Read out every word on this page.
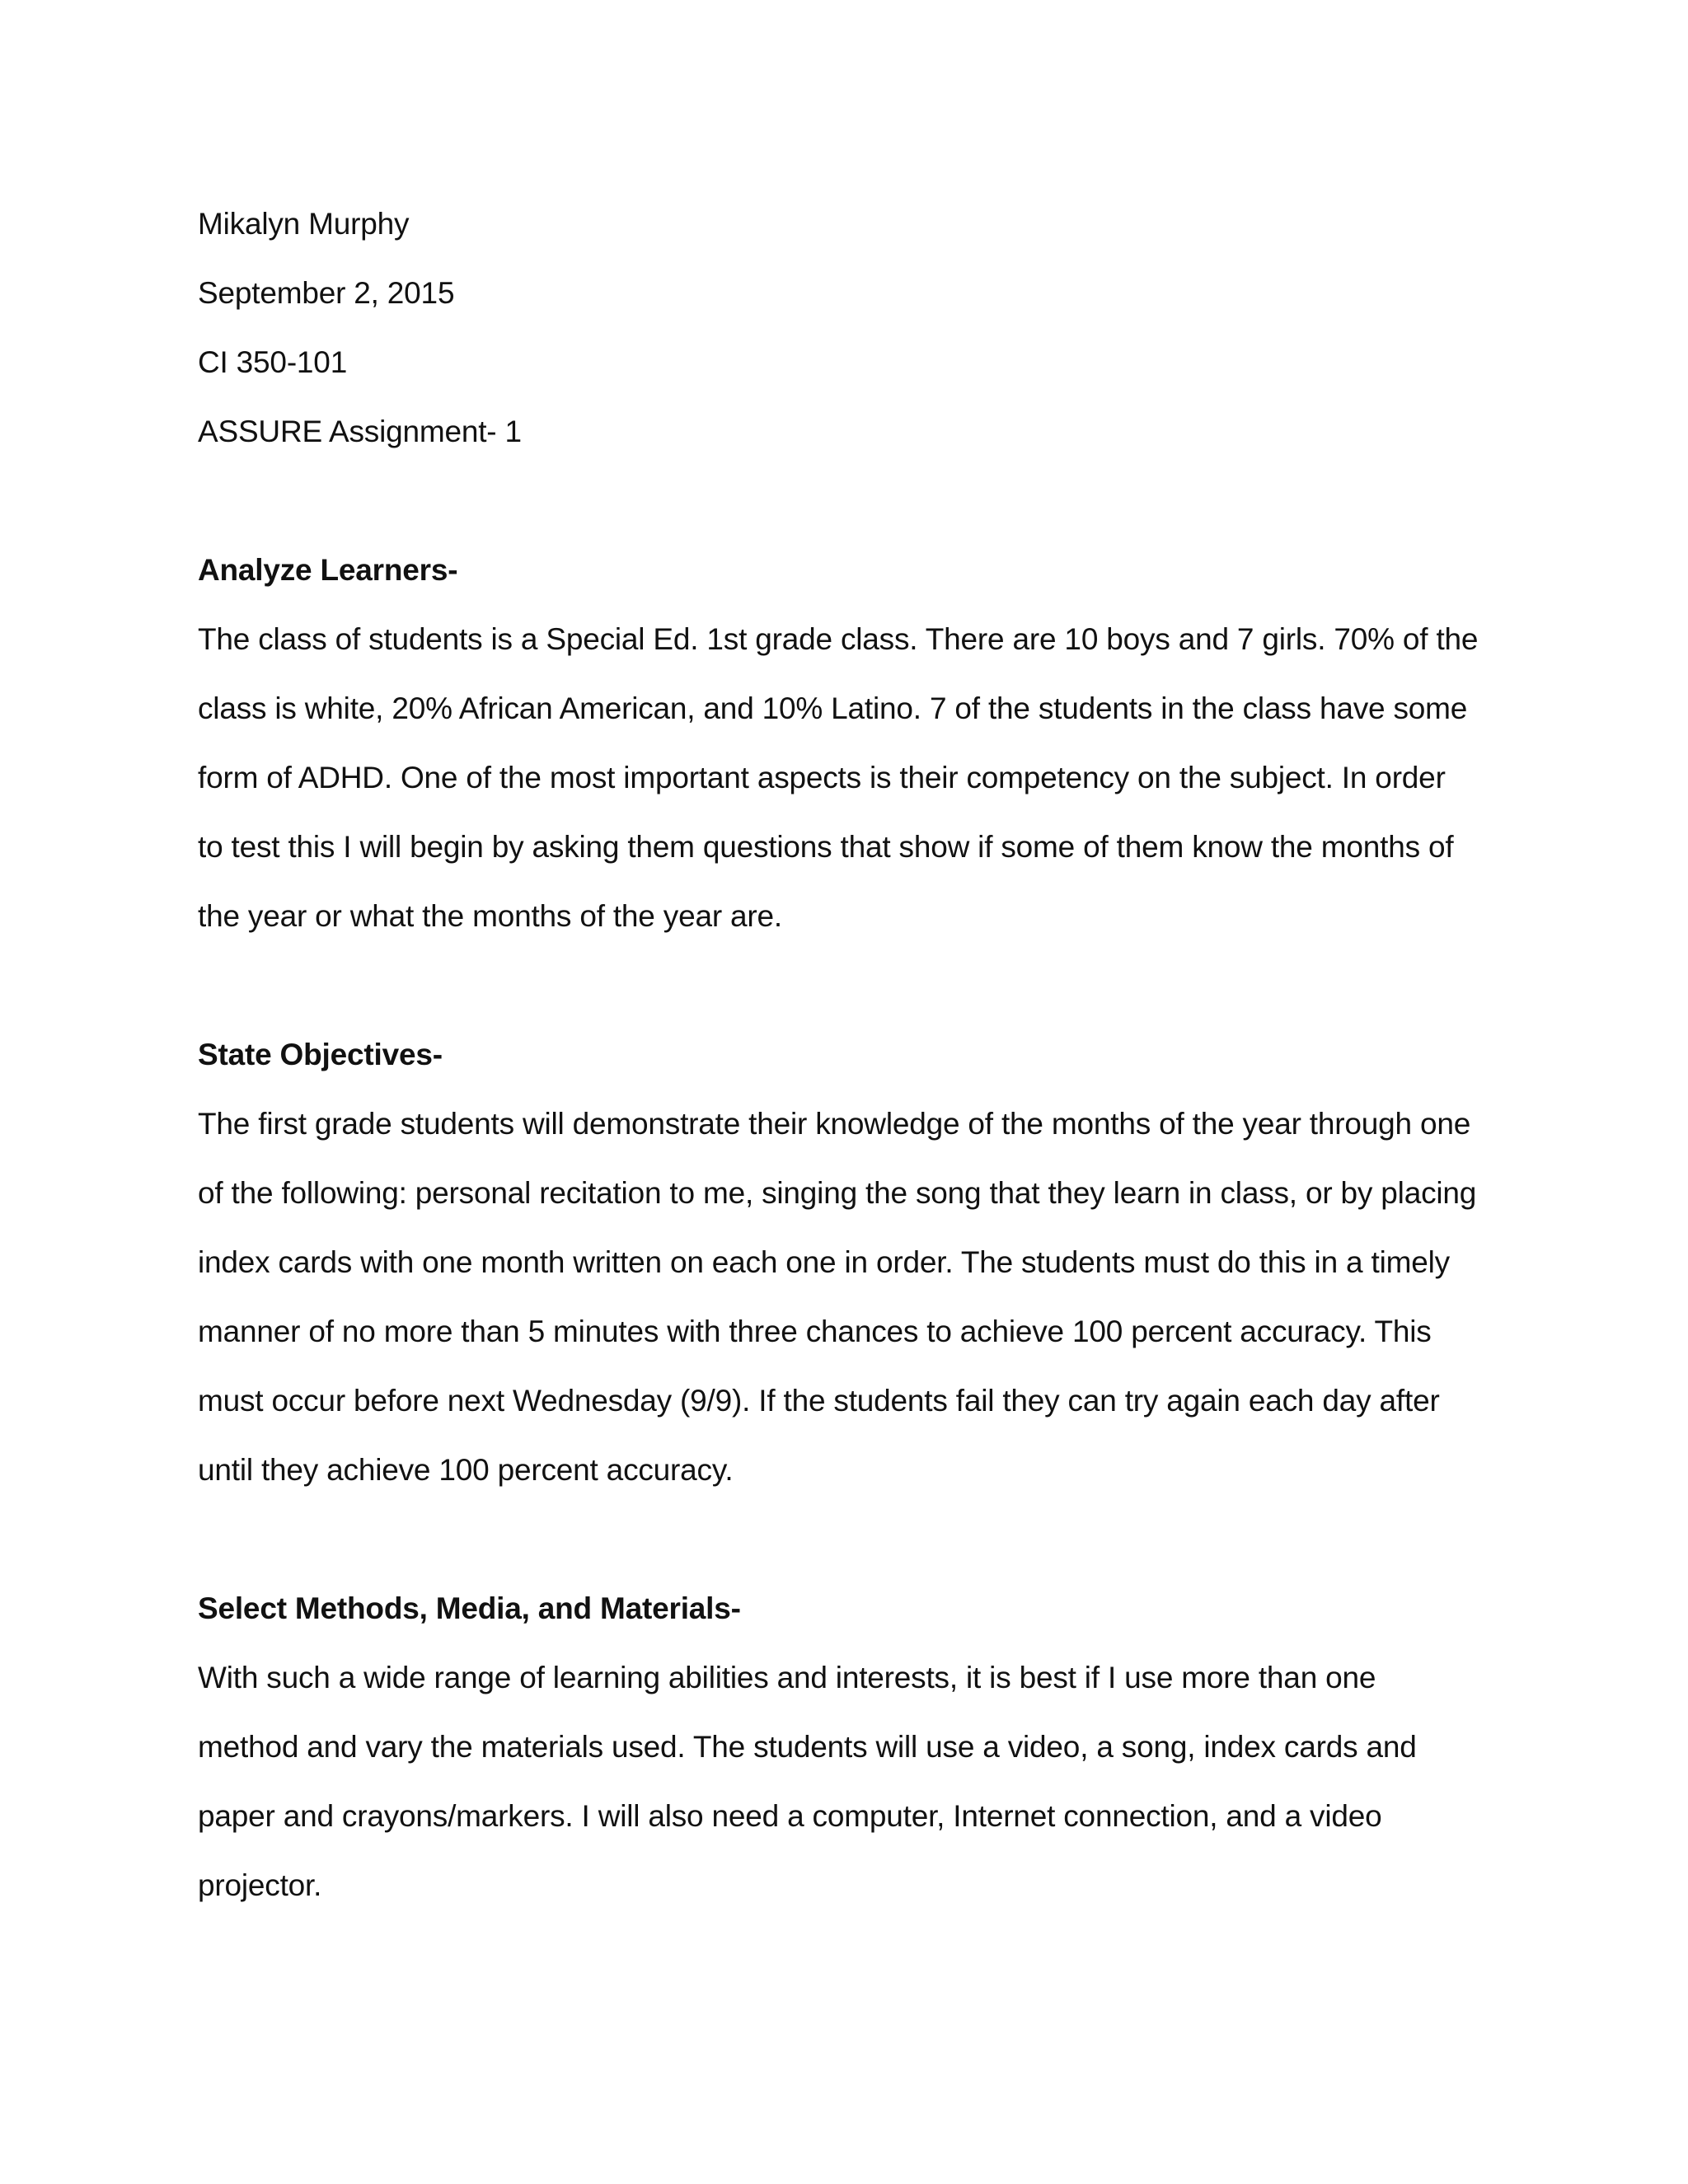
Mikalyn Murphy
September 2, 2015
CI 350-101
ASSURE Assignment- 1
Analyze Learners-
The class of students is a Special Ed. 1st grade class. There are 10 boys and 7 girls. 70% of the
class is white, 20% African American, and 10% Latino. 7 of the students in the class have some
form of ADHD. One of the most important aspects is their competency on the subject. In order
to test this I will begin by asking them questions that show if some of them know the months of
the year or what the months of the year are.
State Objectives-
The first grade students will demonstrate their knowledge of the months of the year through one
of the following: personal recitation to me, singing the song that they learn in class, or by placing
index cards with one month written on each one in order. The students must do this in a timely
manner of no more than 5 minutes with three chances to achieve 100 percent accuracy. This
must occur before next Wednesday (9/9). If the students fail they can try again each day after
until they achieve 100 percent accuracy.
Select Methods, Media, and Materials-
With such a wide range of learning abilities and interests, it is best if I use more than one
method and vary the materials used. The students will use a video, a song, index cards and
paper and crayons/markers. I will also need a computer, Internet connection, and a video
projector.
